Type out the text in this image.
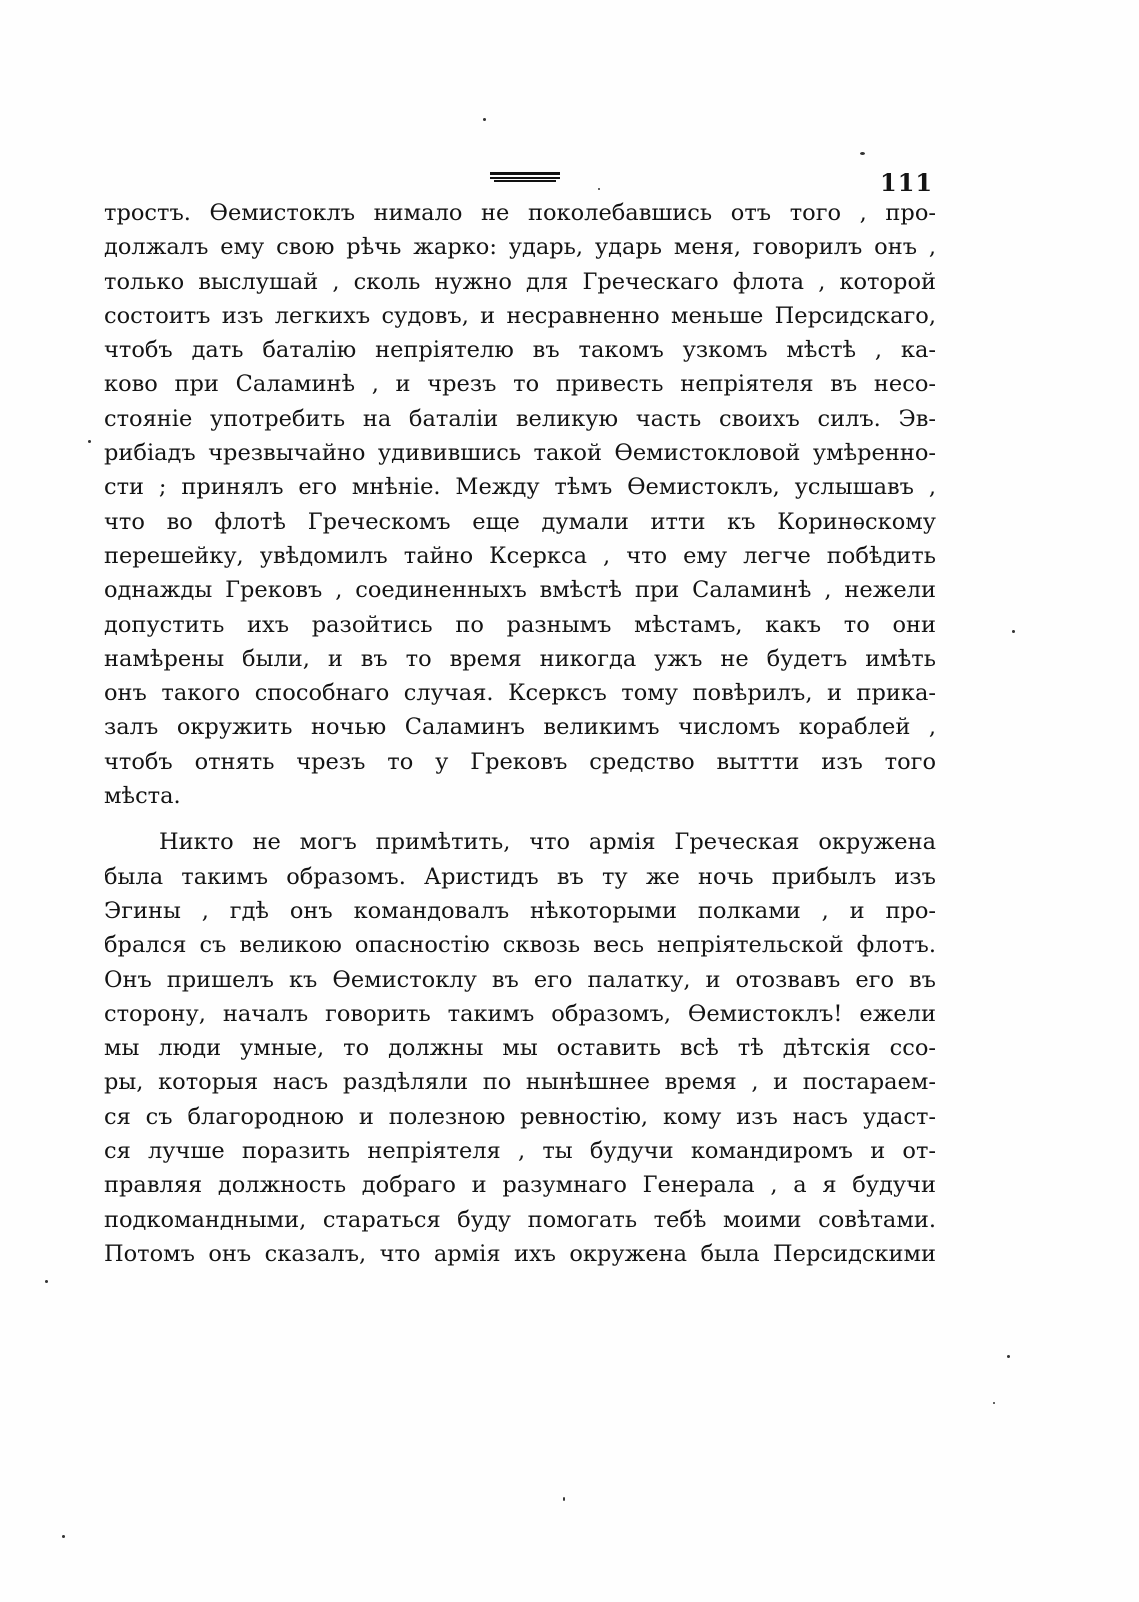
111
тростъ. Ѳемистоклъ нимало не поколебавшись отъ того , про-
должалъ ему свою рѣчь жарко: ударь, ударь меня, говорилъ онъ ,
только выслушай , сколь нужно для Греческаго флота , которой
состоитъ изъ легкихъ судовъ, и несравненно меньше Персидскаго,
чтобъ дать баталію непріятелю въ такомъ узкомъ мѣстѣ , ка-
ково при Саламинѣ , и чрезъ то привесть непріятеля въ несо-
стояніе употребить на баталіи великую часть своихъ силъ. Эв-
рибіадъ чрезвычайно удивившись такой Ѳемистокловой умѣренно-
сти ; принялъ его мнѣніе. Между тѣмъ Ѳемистоклъ, услышавъ ,
что во флотѣ Греческомъ еще думали итти къ Коринѳскому
перешейку, увѣдомилъ тайно Ксеркса , что ему легче побѣдить
однажды Грековъ , соединенныхъ вмѣстѣ при Саламинѣ , нежели
допустить ихъ разойтись по разнымъ мѣстамъ, какъ то они
намѣрены были, и въ то время никогда ужъ не будетъ имѣть
онъ такого способнаго случая. Ксерксъ тому повѣрилъ, и прика-
залъ окружить ночью Саламинъ великимъ числомъ кораблей ,
чтобъ отнять чрезъ то у Грековъ средство выттти изъ того
мѣста.
Никто не могъ примѣтить, что армія Греческая окружена
была такимъ образомъ. Аристидъ въ ту же ночь прибылъ изъ
Эгины , гдѣ онъ командовалъ нѣкоторыми полками , и про-
брался съ великою опасностію сквозь весь непріятельской флотъ.
Онъ пришелъ къ Ѳемистоклу въ его палатку, и отозвавъ его въ
сторону, началъ говорить такимъ образомъ, Ѳемистоклъ! ежели
мы люди умные, то должны мы оставить всѣ тѣ дѣтскія ссо-
ры, которыя насъ раздѣляли по нынѣшнее время , и постараем-
ся съ благородною и полезною ревностію, кому изъ насъ удаст-
ся лучше поразить непріятеля , ты будучи командиромъ и от-
правляя должность добраго и разумнаго Генерала , а я будучи
подкомандными, стараться буду помогать тебѣ моими совѣтами.
Потомъ онъ сказалъ, что армія ихъ окружена была Персидскими
